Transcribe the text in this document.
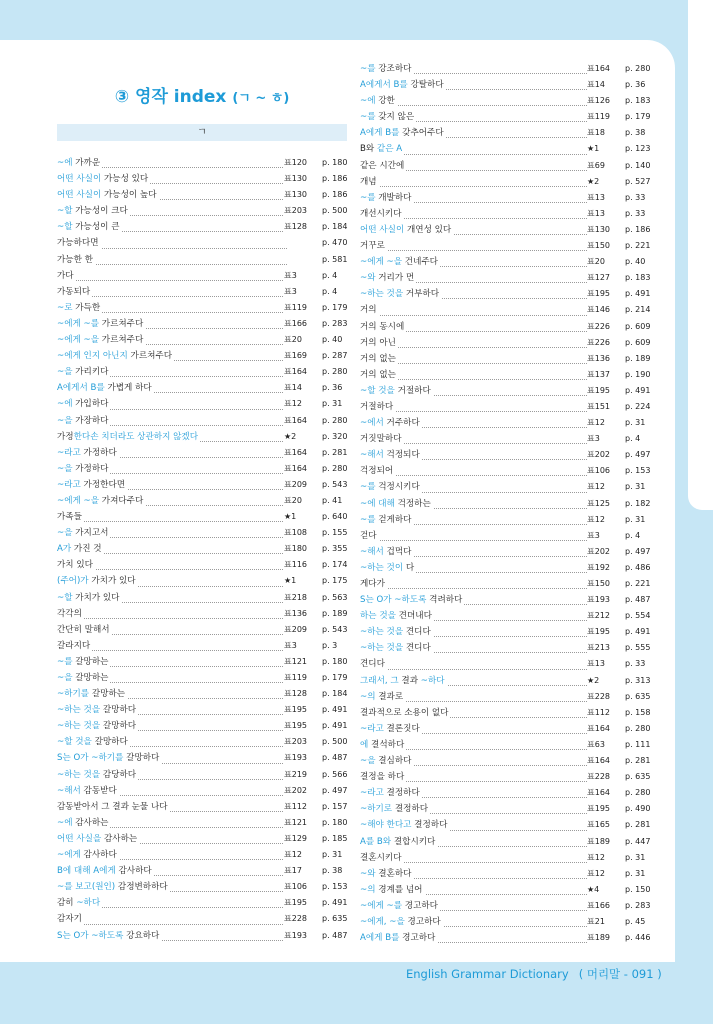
③ 영작 index (ㄱ ~ ㅎ)
ㄱ
~에 가까운	표120	p. 180
어떤 사실이 가능성 있다	표130	p. 186
어떤 사실이 가능성이 높다	표130	p. 186
~할 가능성이 크다	표203	p. 500
~할 가능성이 큰	표128	p. 184
가능하다면	p. 470
가능한 한	p. 581
가다	표3	p. 4
가동되다	표3	p. 4
~로 가득한	표119	p. 179
~에게 ~를 가르쳐주다	표166	p. 283
~에게 ~을 가르쳐주다	표20	p. 40
~에게 인지 아닌지 가르쳐주다	표169	p. 287
~을 가리키다	표164	p. 280
A에게서 B를 가볍게 하다	표14	p. 36
~에 가입하다	표12	p. 31
~을 가장하다	표164	p. 280
가정한다손 치더라도 상관하지 않겠다	★2	p. 320
~라고 가정하다	표164	p. 281
~을 가정하다	표164	p. 280
~라고 가정한다면	표209	p. 543
~에게 ~을 가져다주다	표20	p. 41
가족들	★1	p. 640
~을 가지고서	표108	p. 155
A가 가진 것	표180	p. 355
가치 있다	표116	p. 174
(주어)가 가치가 있다	★1	p. 175
~할 가치가 있다	표218	p. 563
각각의	표136	p. 189
간단히 말해서	표209	p. 543
갈라지다	표3	p. 3
~를 갈망하는	표121	p. 180
~을 갈망하는	표119	p. 179
~하기를 갈망하는	표128	p. 184
~하는 것을 갈망하다	표195	p. 491
~하는 것을 갈망하다	표195	p. 491
~할 것을 갈망하다	표203	p. 500
S는 O가 ~하기를 갈망하다	표193	p. 487
~하는 것을 감당하다	표219	p. 566
~해서 감동받다	표202	p. 497
감동받아서 그 결과 눈물 나다	표112	p. 157
~에 감사하는	표121	p. 180
어떤 사실을 감사하는	표129	p. 185
~에게 감사하다	표12	p. 31
B에 대해 A에게 감사하다	표17	p. 38
~를 보고(원인) 감정변하하다	표106	p. 153
감히 ~하다	표195	p. 491
감자기	표228	p. 635
S는 O가 ~하도록 강요하다	표193	p. 487
~를 강조하다	표164	p. 280
A에게서 B를 강탈하다	표14	p. 36
~에 강한	표126	p. 183
~를 갖지 않은	표119	p. 179
A에게 B를 갖추어주다	표18	p. 38
B와 같은 A	★1	p. 123
같은 시간에	표69	p. 140
개념	★2	p. 527
~를 개발하다	표13	p. 33
개선시키다	표13	p. 33
어떤 사실이 개연성 있다	표130	p. 186
거꾸로	표150	p. 221
~에게 ~을 건네주다	표20	p. 40
~와 거리가 먼	표127	p. 183
~하는 것을 거부하다	표195	p. 491
거의	표146	p. 214
거의 동시에	표226	p. 609
거의 아닌	표226	p. 609
거의 없는	표136	p. 189
거의 없는	표137	p. 190
~할 것을 거절하다	표195	p. 491
거절하다	표151	p. 224
~에서 거주하다	표12	p. 31
거짓말하다	표3	p. 4
~해서 걱정되다	표202	p. 497
걱정되어	표106	p. 153
~를 걱정시키다	표12	p. 31
~에 대해 걱정하는	표125	p. 182
~를 걷게하다	표12	p. 31
걷다	표3	p. 4
~해서 겁먹다	표202	p. 497
~하는 것이 다	표192	p. 486
게다가	표150	p. 221
S는 O가 ~하도록 격려하다	표193	p. 487
하는 것을 견뎌내다	표212	p. 554
~하는 것을 견디다	표195	p. 491
~하는 것을 견디다	표213	p. 555
견디다	표13	p. 33
그래서, 그 결과 ~하다	★2	p. 313
~의 결과로	표228	p. 635
결과적으로 소용이 없다	표112	p. 158
~라고 결론짓다	표164	p. 280
에 결석하다	표63	p. 111
~을 결심하다	표164	p. 281
결정을 하다	표228	p. 635
~라고 결정하다	표164	p. 280
~하기로 결정하다	표195	p. 490
~해야 한다고 결정하다	표165	p. 281
A를 B와 결합시키다	표189	p. 447
결혼시키다	표12	p. 31
~와 결혼하다	표12	p. 31
~의 경계를 넘어	★4	p. 150
~에게 ~를 경고하다	표166	p. 283
~에게, ~을 경고하다	표21	p. 45
A에게 B를 경고하다	표189	p. 446
English Grammar Dictionary ( 머리말 - 091 )
